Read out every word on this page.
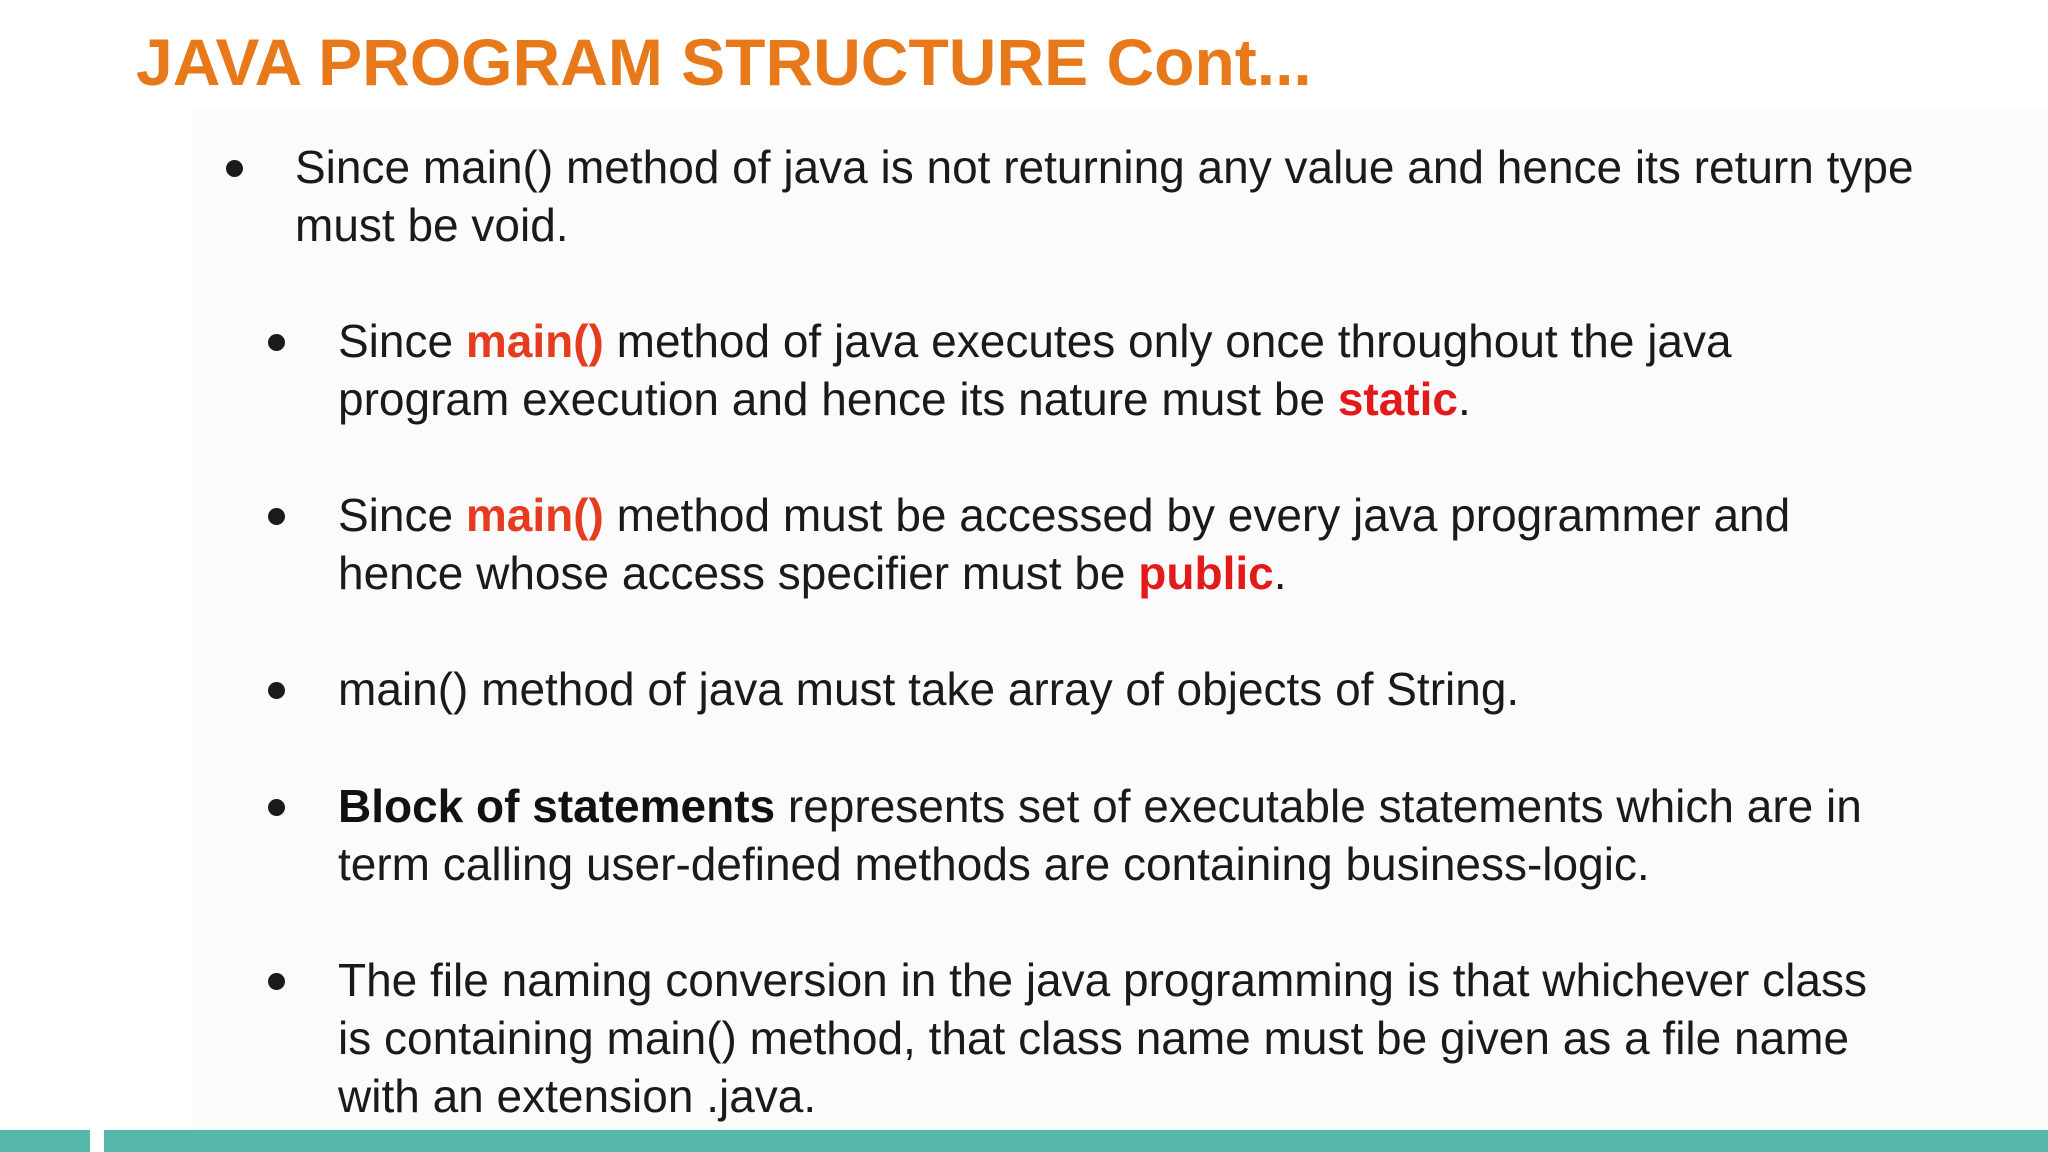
JAVA PROGRAM STRUCTURE Cont...

Since main() method of java is not returning any value and hence its return type must be void.

Since main() method of java executes only once throughout the java program execution and hence its nature must be static.

Since main() method must be accessed by every java programmer and hence whose access specifier must be public.

main() method of java must take array of objects of String.

Block of statements represents set of executable statements which are in term calling user-defined methods are containing business-logic.

The file naming conversion in the java programming is that whichever class is containing main() method, that class name must be given as a file name with an extension .java.
